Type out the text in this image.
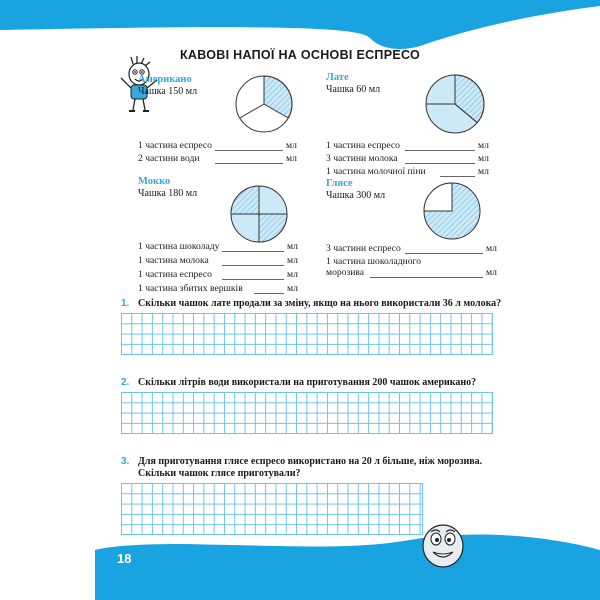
КАВОВІ НАПОЇ НА ОСНОВІ ЕСПРЕСО
Американо
Чашка 150 мл
1 частина еспресо	мл
2 частини води	мл
Лате
Чашка 60 мл
1 частина еспресо	мл
3 частини молока	мл
1 частина молочної піни	мл
Мокко
Чашка 180 мл
1 частина шоколаду	мл
1 частина молока	мл
1 частина еспресо	мл
1 частина збитих вершків	мл
Глясе
Чашка 300 мл
3 частини еспресо	мл
1 частина шоколадного
морозива	мл
1. Скільки чашок лате продали за зміну, якщо на нього використали 36 л молока?
2. Скільки літрів води використали на приготування 200 чашок американо?
3. Для приготування глясе еспресо використано на 20 л більше, ніж морозива.
Скільки чашок глясе приготували?
18
